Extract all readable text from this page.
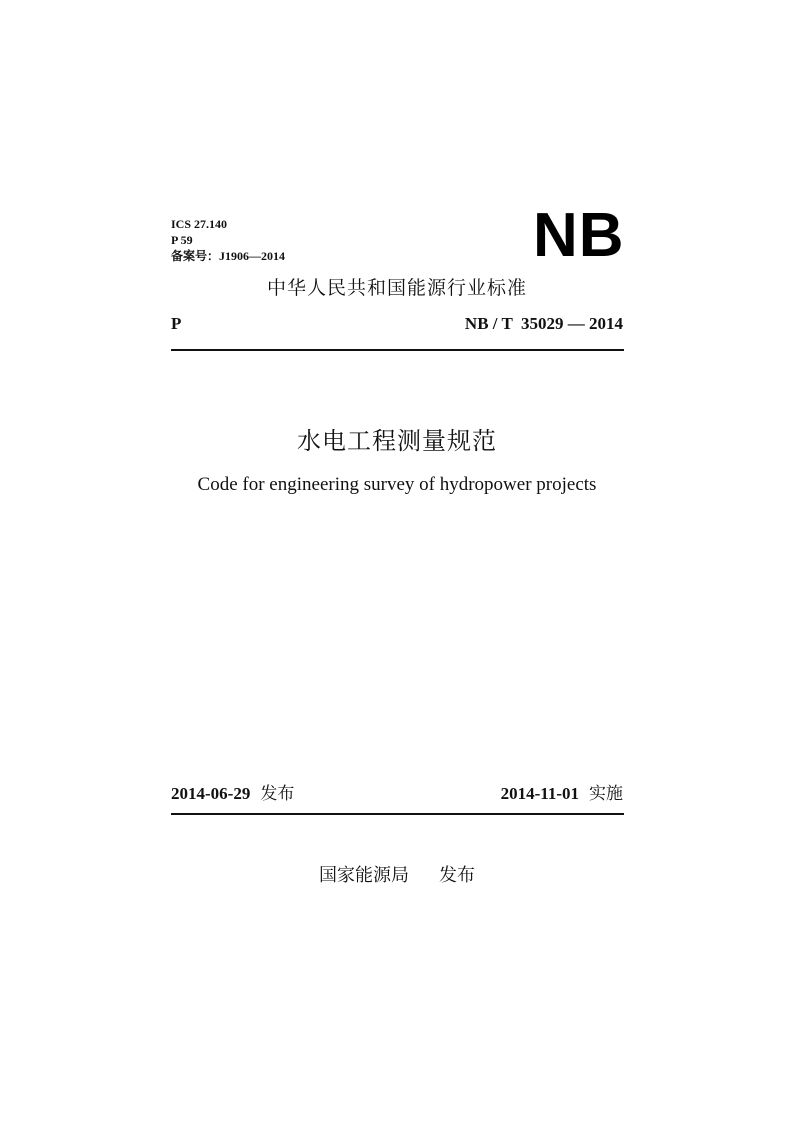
ICS 27.140
P 59
备案号：J1906—2014	NB
中华人民共和国能源行业标准
P	NB / T  35029 — 2014
水电工程测量规范
Code for engineering survey of hydropower projects
2014-06-29 发布	2014-11-01 实施
国家能源局 发布
